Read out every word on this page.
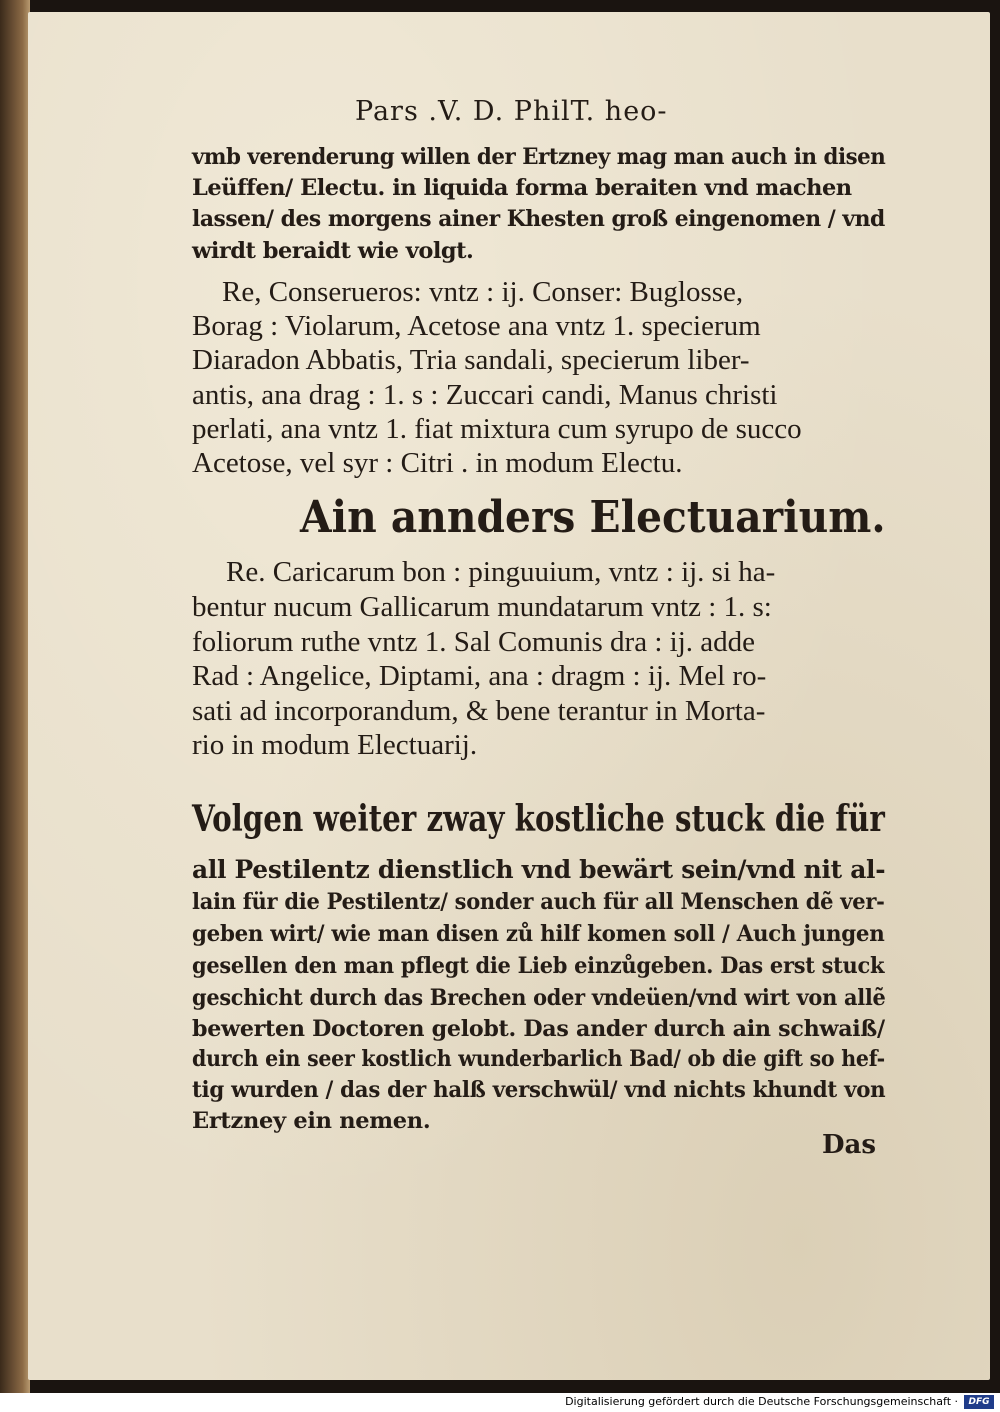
Pars .V. D. PhilT. heo-
vmb verenderung willen der Ertzney mag man auch in disen
Leüffen/ Electu. in liquida forma beraiten vnd machen
lassen/ des morgens ainer Khesten groß eingenomen / vnd
wirdt beraidt wie volgt.
Re, Conserueros: vntz : ij. Conser: Buglosse,
Borag : Violarum, Acetose ana vntz 1. specierum
Diaradon Abbatis, Tria sandali, specierum liber-
antis, ana drag : 1. s : Zuccari candi, Manus christi
perlati, ana vntz 1. fiat mixtura cum syrupo de succo
Acetose, vel syr : Citri . in modum Electu.
Ain annders Electuarium.
Re. Caricarum bon : pinguuium, vntz : ij. si ha-
bentur nucum Gallicarum mundatarum vntz : 1. s:
foliorum ruthe vntz 1. Sal Comunis dra : ij. adde
Rad : Angelice, Diptami, ana : dragm : ij. Mel ro-
sati ad incorporandum, & bene terantur in Morta-
rio in modum Electuarij.
Volgen weiter zway kostliche stuck die für
all Pestilentz dienstlich vnd bewärt sein/vnd nit al-
lain für die Pestilentz/ sonder auch für all Menschen dẽ ver-
geben wirt/ wie man disen zů hilf komen soll / Auch jungen
gesellen den man pflegt die Lieb einzůgeben. Das erst stuck
geschicht durch das Brechen oder vndeüen/vnd wirt von allẽ
bewerten Doctoren gelobt. Das ander durch ain schwaiß/
durch ein seer kostlich wunderbarlich Bad/ ob die gift so hef-
tig wurden / das der halß verschwül/ vnd nichts khundt von
Ertzney ein nemen.
Das
Digitalisierung gefördert durch die Deutsche Forschungsgemeinschaft ·	DFG
